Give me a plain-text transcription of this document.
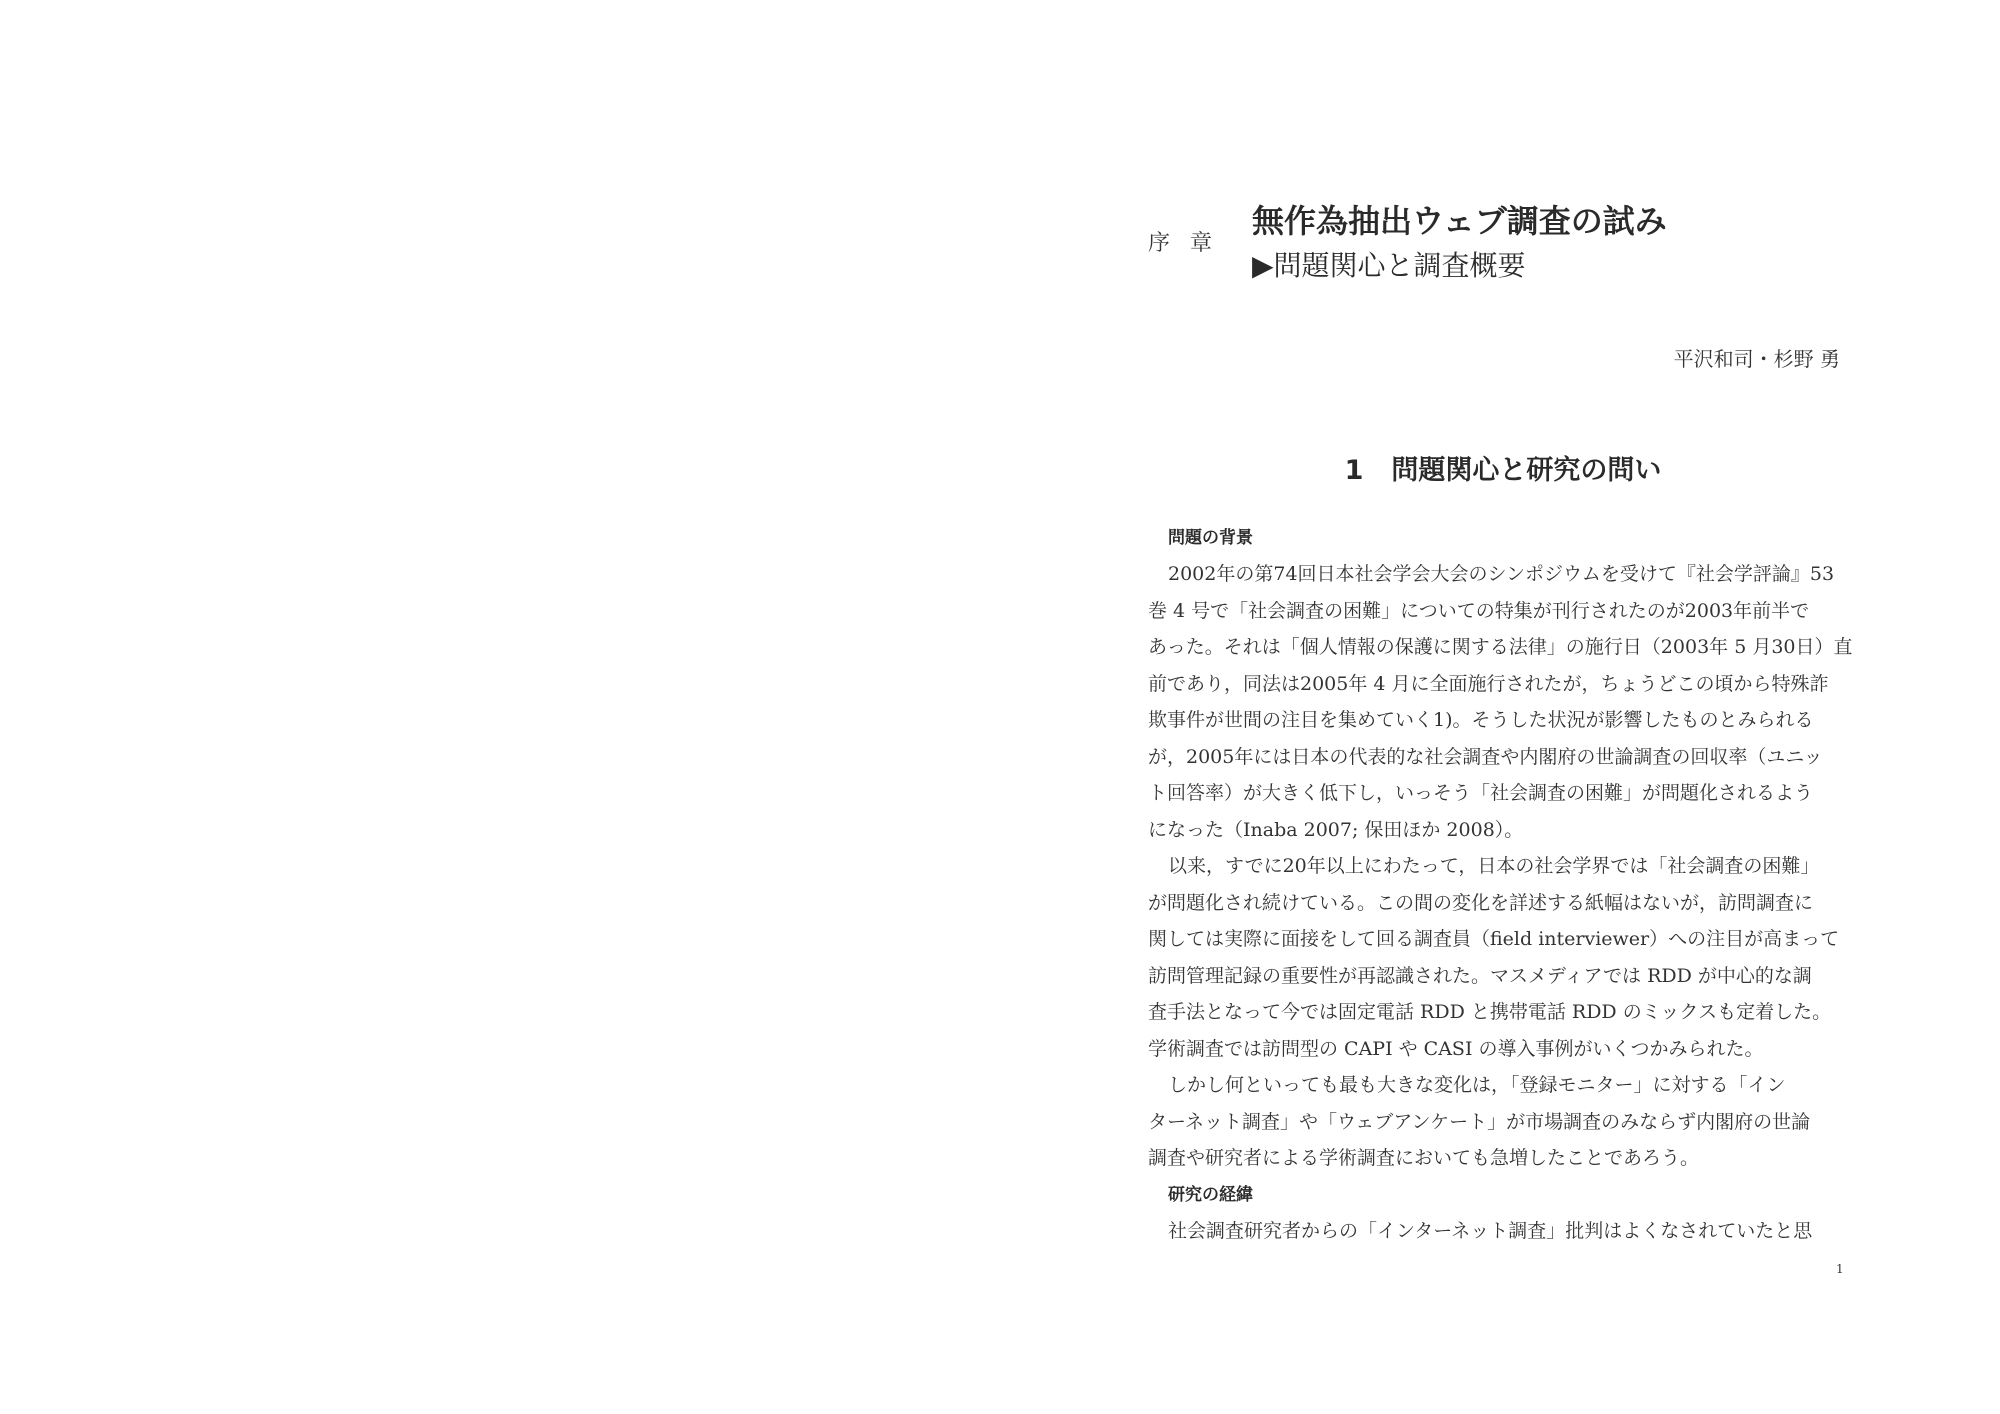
序章
無作為抽出ウェブ調査の試み
▶問題関心と調査概要
平沢和司・杉野 勇
1 問題関心と研究の問い
問題の背景
2002年の第74回日本社会学会大会のシンポジウムを受けて『社会学評論』53
巻 4 号で「社会調査の困難」についての特集が刊行されたのが2003年前半で
あった。それは「個人情報の保護に関する法律」の施行日（2003年 5 月30日）直
前であり，同法は2005年 4 月に全面施行されたが，ちょうどこの頃から特殊詐
欺事件が世間の注目を集めていく1)。そうした状況が影響したものとみられる
が，2005年には日本の代表的な社会調査や内閣府の世論調査の回収率（ユニッ
ト回答率）が大きく低下し，いっそう「社会調査の困難」が問題化されるよう
になった（Inaba 2007; 保田ほか 2008）。
以来，すでに20年以上にわたって，日本の社会学界では「社会調査の困難」
が問題化され続けている。この間の変化を詳述する紙幅はないが，訪問調査に
関しては実際に面接をして回る調査員（field interviewer）への注目が高まって
訪問管理記録の重要性が再認識された。マスメディアでは RDD が中心的な調
査手法となって今では固定電話 RDD と携帯電話 RDD のミックスも定着した。
学術調査では訪問型の CAPI や CASI の導入事例がいくつかみられた。
しかし何といっても最も大きな変化は，「登録モニター」に対する「イン
ターネット調査」や「ウェブアンケート」が市場調査のみならず内閣府の世論
調査や研究者による学術調査においても急増したことであろう。
研究の経緯
社会調査研究者からの「インターネット調査」批判はよくなされていたと思
1
